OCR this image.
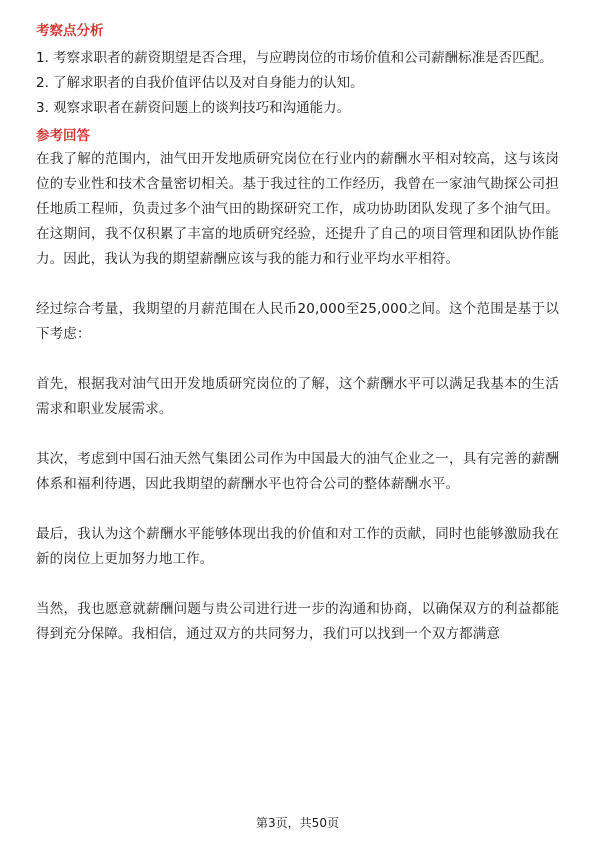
考察点分析
1. 考察求职者的薪资期望是否合理，与应聘岗位的市场价值和公司薪酬标准是否匹配。
2. 了解求职者的自我价值评估以及对自身能力的认知。
3. 观察求职者在薪资问题上的谈判技巧和沟通能力。
参考回答

在我了解的范围内，油气田开发地质研究岗位在行业内的薪酬水平相对较高，这与该岗位的专业性和技术含量密切相关。基于我过往的工作经历，我曾在一家油气勘探公司担任地质工程师，负责过多个油气田的勘探研究工作，成功协助团队发现了多个油气田。在这期间，我不仅积累了丰富的地质研究经验，还提升了自己的项目管理和团队协作能力。因此，我认为我的期望薪酬应该与我的能力和行业平均水平相符。

经过综合考量，我期望的月薪范围在人民币20,000至25,000之间。这个范围是基于以下考虑：

首先，根据我对油气田开发地质研究岗位的了解，这个薪酬水平可以满足我基本的生活需求和职业发展需求。

其次，考虑到中国石油天然气集团公司作为中国最大的油气企业之一，具有完善的薪酬体系和福利待遇，因此我期望的薪酬水平也符合公司的整体薪酬水平。

最后，我认为这个薪酬水平能够体现出我的价值和对工作的贡献，同时也能够激励我在新的岗位上更加努力地工作。

当然，我也愿意就薪酬问题与贵公司进行进一步的沟通和协商，以确保双方的利益都能得到充分保障。我相信，通过双方的共同努力，我们可以找到一个双方都满意

第3页，共50页
